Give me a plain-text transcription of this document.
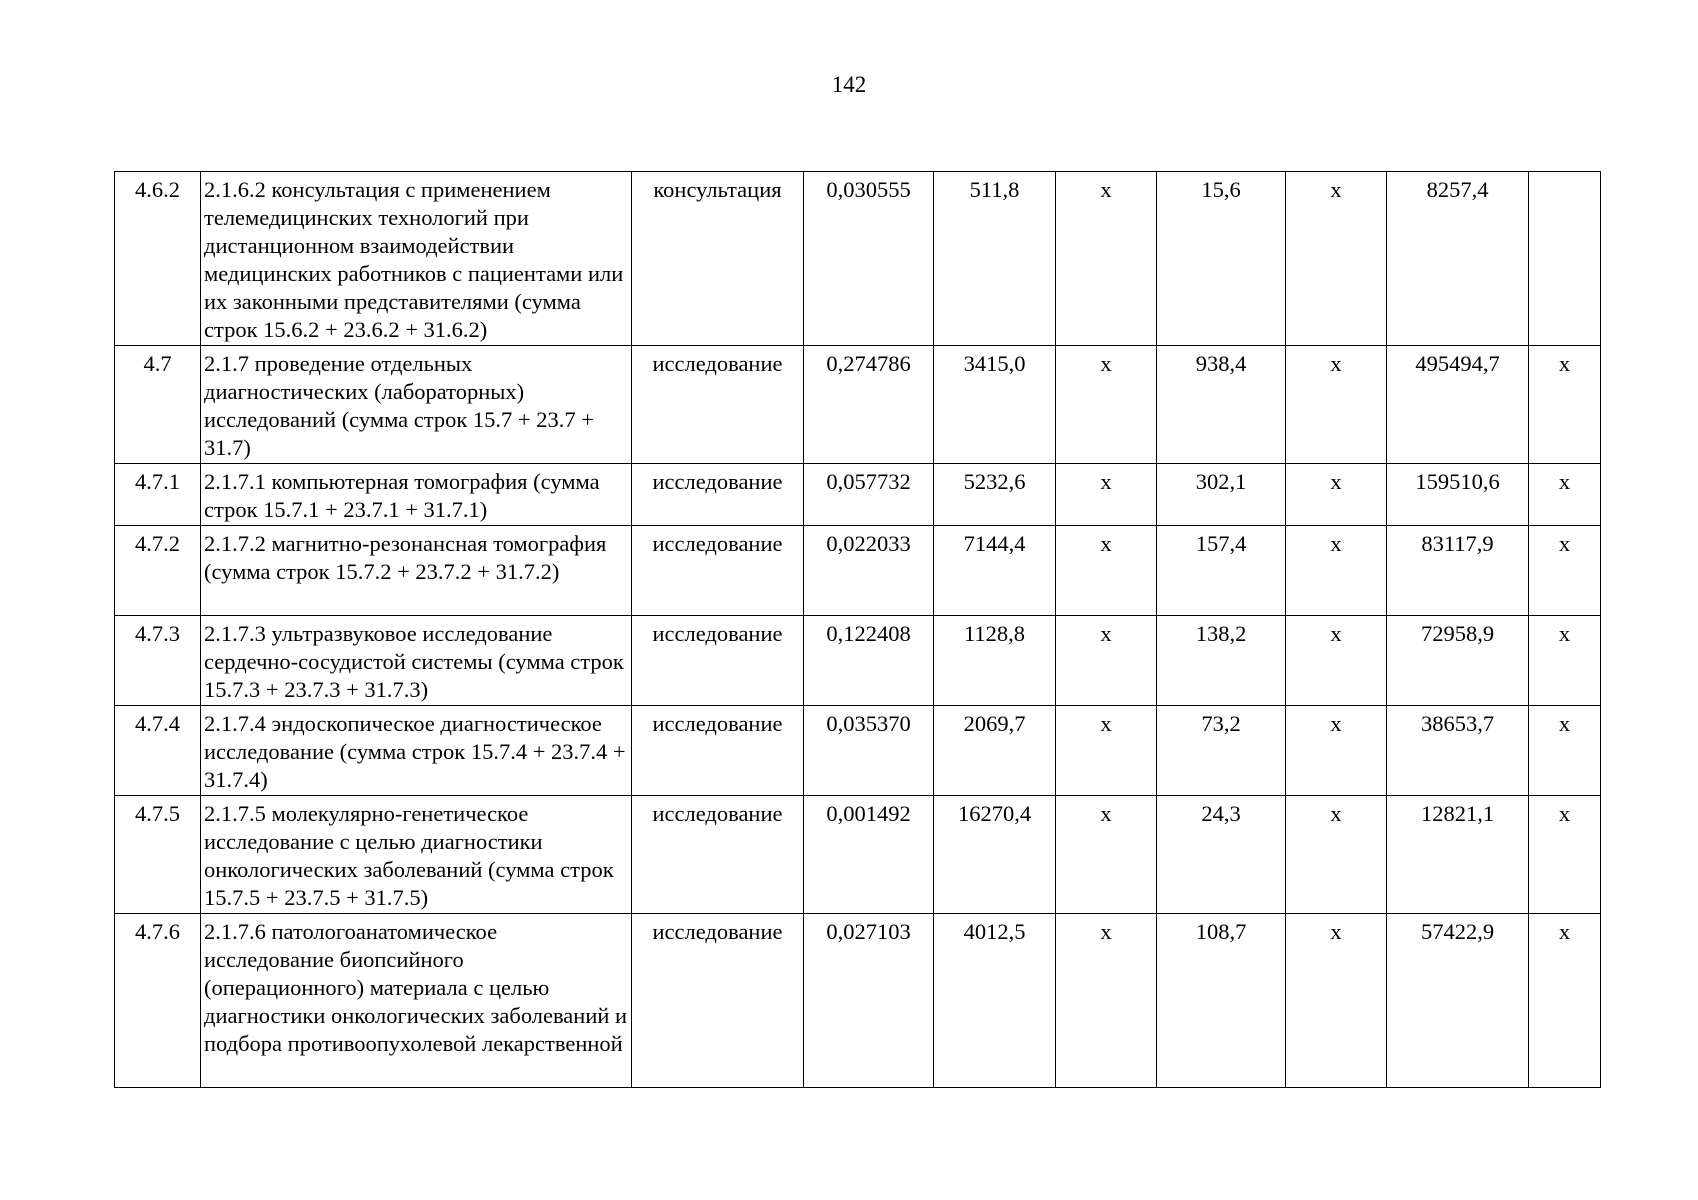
142
4.6.2	2.1.6.2 консультация с применением телемедицинских технологий при дистанционном взаимодействии медицинских работников с пациентами или их законными представителями (сумма строк 15.6.2 + 23.6.2 + 31.6.2)	консультация	0,030555	511,8	х	15,6	х	8257,4	
4.7	2.1.7 проведение отдельных диагностических (лабораторных) исследований (сумма строк 15.7 + 23.7 + 31.7)	исследование	0,274786	3415,0	х	938,4	х	495494,7	х
4.7.1	2.1.7.1 компьютерная томография (сумма строк 15.7.1 + 23.7.1 + 31.7.1)	исследование	0,057732	5232,6	х	302,1	х	159510,6	х
4.7.2	2.1.7.2 магнитно-резонансная томография (сумма строк 15.7.2 + 23.7.2 + 31.7.2)	исследование	0,022033	7144,4	х	157,4	х	83117,9	х
4.7.3	2.1.7.3 ультразвуковое исследование сердечно-сосудистой системы (сумма строк 15.7.3 + 23.7.3 + 31.7.3)	исследование	0,122408	1128,8	х	138,2	х	72958,9	х
4.7.4	2.1.7.4 эндоскопическое диагностическое исследование (сумма строк 15.7.4 + 23.7.4 + 31.7.4)	исследование	0,035370	2069,7	х	73,2	х	38653,7	х
4.7.5	2.1.7.5 молекулярно-генетическое исследование с целью диагностики онкологических заболеваний (сумма строк 15.7.5 + 23.7.5 + 31.7.5)	исследование	0,001492	16270,4	х	24,3	х	12821,1	х
4.7.6	2.1.7.6 патологоанатомическое исследование биопсийного (операционного) материала с целью диагностики онкологических заболеваний и подбора противоопухолевой лекарственной	исследование	0,027103	4012,5	х	108,7	х	57422,9	х
